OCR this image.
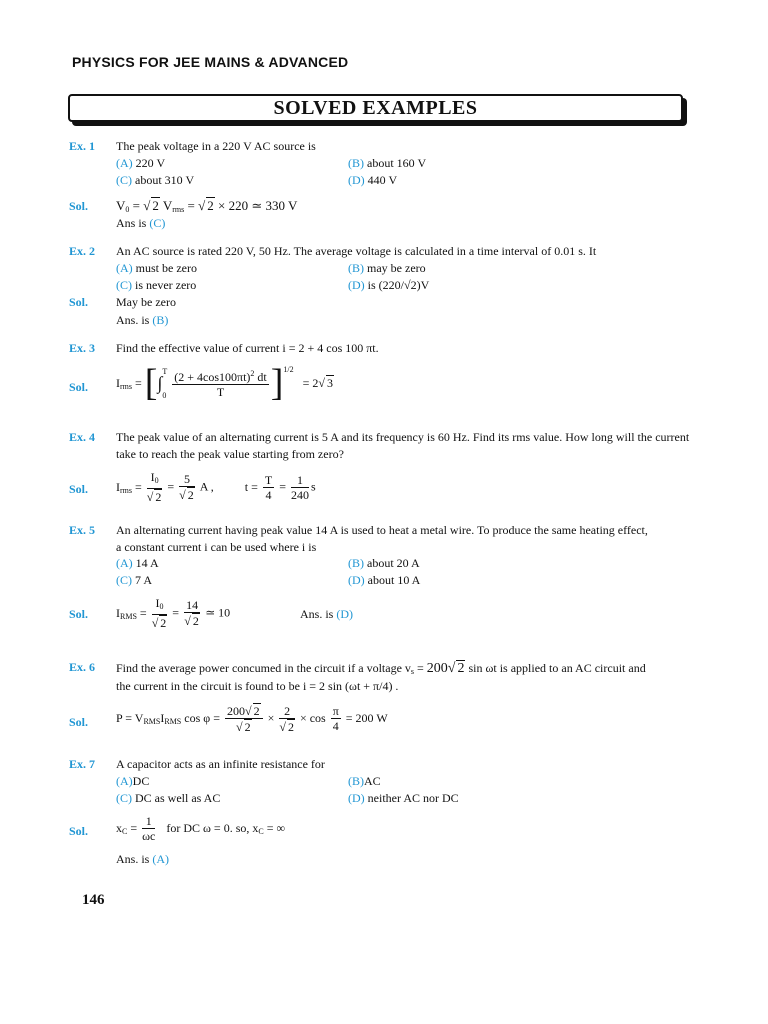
PHYSICS FOR JEE MAINS & ADVANCED
SOLVED EXAMPLES
Ex. 1 The peak voltage in a 220 V AC source is
(A) 220 V	(B) about 160 V
(C) about 310 V	(D) 440 V
Sol. $V_0$ = √ 2 $V_{rms}$ = √ 2 × 220 ≃ 330 V
Ans is (C)
Ex. 2 An AC source is rated 220 V, 50 Hz. The average voltage is calculated in a time interval of 0.01 s. It
(A) must be zero	(B) may be zero
(C) is never zero	(D) is (220/√2)V
Sol. May be zero
Ans. is (B)
Ex. 3 Find the effective value of current i = 2 + 4 cos 100 πt.
Sol. $I_{rms} = [\int_0^T \frac{(2 + 4\cos 100\pi t)^2 dt}{T} ]^{1/2} = 2√$ 3
Ex. 4 The peak value of an alternating current is 5 A and its frequency is 60 Hz. Find its rms value. How long will the current
take to reach the peak value starting from zero?
Sol. $I_{rms} = \frac{I_0}{√ 2} = \frac{5}{√ 2}$ A ,	$t = \frac{T}{4} = \frac{1}{240}$ s
Ex. 5 An alternating current having peak value 14 A is used to heat a metal wire. To produce the same heating effect,
a constant current i can be used where i is
(A) 14 A	(B) about 20 A
(C) 7 A	(D) about 10 A
Sol. $I_{RMS} = \frac{I_0}{√ 2} = \frac{14}{√ 2}$ ≃ 10	Ans. is (D)
Ex. 6 Find the average power concumed in the circuit if a voltage $v_s = 200√$ 2 sin ωt is applied to an AC circuit and
the current in the circuit is found to be i = 2 sin (ωt + π/4) .
Sol. $P = V_{RMS}I_{RMS}$ $\cos \varphi = \frac{200√ 2}{√ 2} \times \frac{2}{√ 2} \times \cos \frac{\pi}{4} = 200$ W
Ex. 7 A capacitor acts as an infinite resistance for
(A)DC	(B)AC
(C) DC as well as AC	(D) neither AC nor DC
Sol. $x_C = \frac{1}{\omega c}$ for DC ω = 0. so, $x_C$ = ∞
Ans. is (A)
146
